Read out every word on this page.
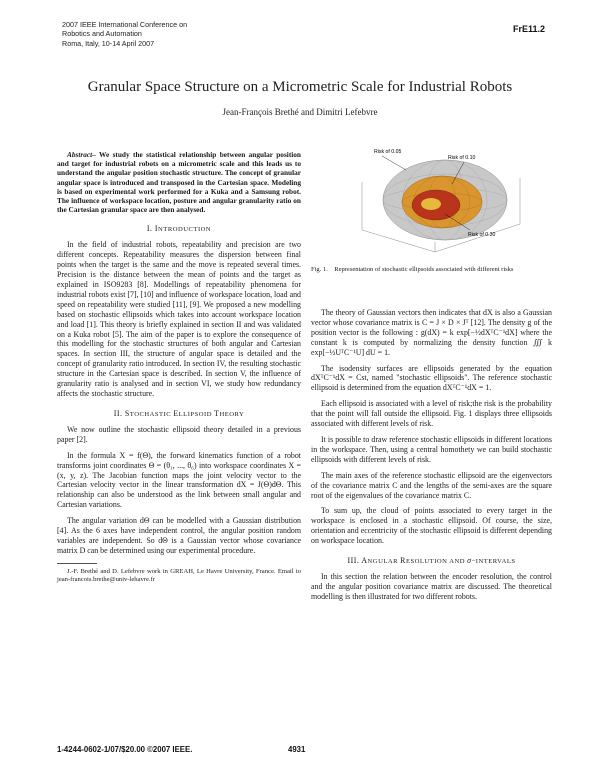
2007 IEEE International Conference on
Robotics and Automation
Roma, Italy, 10-14 April 2007
FrE11.2
Granular Space Structure on a Micrometric Scale for Industrial Robots
Jean-François Brethé and Dimitri Lefebvre
Abstract– We study the statistical relationship between angular position and target for industrial robots on a micrometric scale and this leads us to understand the angular position stochastic structure. The concept of granular angular space is introduced and transposed in the Cartesian space. Modeling is based on experimental work performed for a Kuka and a Samsung robot. The influence of workspace location, posture and angular granularity ratio on the Cartesian granular space are then analysed.
I. INTRODUCTION

In the field of industrial robots, repeatability and precision are two different concepts. Repeatability measures the dispersion between final points when the target is the same and the move is repeated several times. Precision is the distance between the mean of points and the target as explained in ISO9283 [8]. Modellings of repeatability phenomena for industrial robots exist [7], [10] and influence of workspace location, load and speed on repeatability were studied [11], [9]. We proposed a new modelling based on stochastic ellipsoids which takes into account workspace location and load [1]. This theory is briefly explained in section II and was validated on a Kuka robot [5]. The aim of the paper is to explore the consequence of this modelling for the stochastic structures of both angular and Cartesian spaces. In section III, the structure of angular space is detailed and the concept of granularity ratio introduced. In section IV, the resulting stochastic structure in the Cartesian space is described. In section V, the influence of granularity ratio is analysed and in section VI, we study how redundancy affects the stochastic structure.

II. STOCHASTIC ELLIPSOID THEORY

We now outline the stochastic ellipsoid theory detailed in a previous paper [2].

In the formula X = f(Θ), the forward kinematics function of a robot transforms joint coordinates Θ = (θ₁, ..., θ₆) into workspace coordinates X = (x, y, z). The Jacobian function maps the joint velocity vector to the Cartesian velocity vector in the linear transformation dX = J(Θ)dΘ. This relationship can also be understood as the link between small angular and Cartesian variations.

The angular variation dΘ can be modelled with a Gaussian distribution [4]. As the 6 axes have independent control, the angular position random variables are independent. So dΘ is a Gaussian vector whose covariance matrix D can be determined using our experimental procedure.

J.-F. Brethé and D. Lefebvre work in GREAH, Le Havre University, France. Email to jean-francois.brethe@univ-lehavre.fr

Risk of 0.05
Risk of 0.10
Risk of 0.30
Fig. 1. Representation of stochastic ellipsoids associated with different risks

The theory of Gaussian vectors then indicates that dX is also a Gaussian vector whose covariance matrix is C = J × D × Jᵀ [12]. The density g of the position vector is the following : g(dX) = k exp[−½dXᵀC⁻¹dX] where the constant k is computed by normalizing the density function ∭ k exp[−½UᵀC⁻¹U] dU = 1.

The isodensity surfaces are ellipsoids generated by the equation dXᵀC⁻¹dX = Cst, named "stochastic ellipsoids". The reference stochastic ellipsoid is determined from the equation dXᵀC⁻¹dX = 1.

Each ellipsoid is associated with a level of risk;the risk is the probability that the point will fall outside the ellipsoid. Fig. 1 displays three ellipsoids associated with different levels of risk.

It is possible to draw reference stochastic ellipsoids in different locations in the workspace. Then, using a central homothety we can build stochastic ellipsoids with different levels of risk.

The main axes of the reference stochastic ellipsoid are the eigenvectors of the covariance matrix C and the lengths of the semi-axes are the square root of the eigenvalues of the covariance matrix C.

To sum up, the cloud of points associated to every target in the workspace is enclosed in a stochastic ellipsoid. Of course, the size, orientation and eccentricity of the stochastic ellipsoid is different depending on workspace location.

III. ANGULAR RESOLUTION AND σ−INTERVALS

In this section the relation between the encoder resolution, the control and the angular position covariance matrix are discussed. The theoretical modelling is then illustrated for two different robots.

1-4244-0602-1/07/$20.00 ©2007 IEEE.	4931
